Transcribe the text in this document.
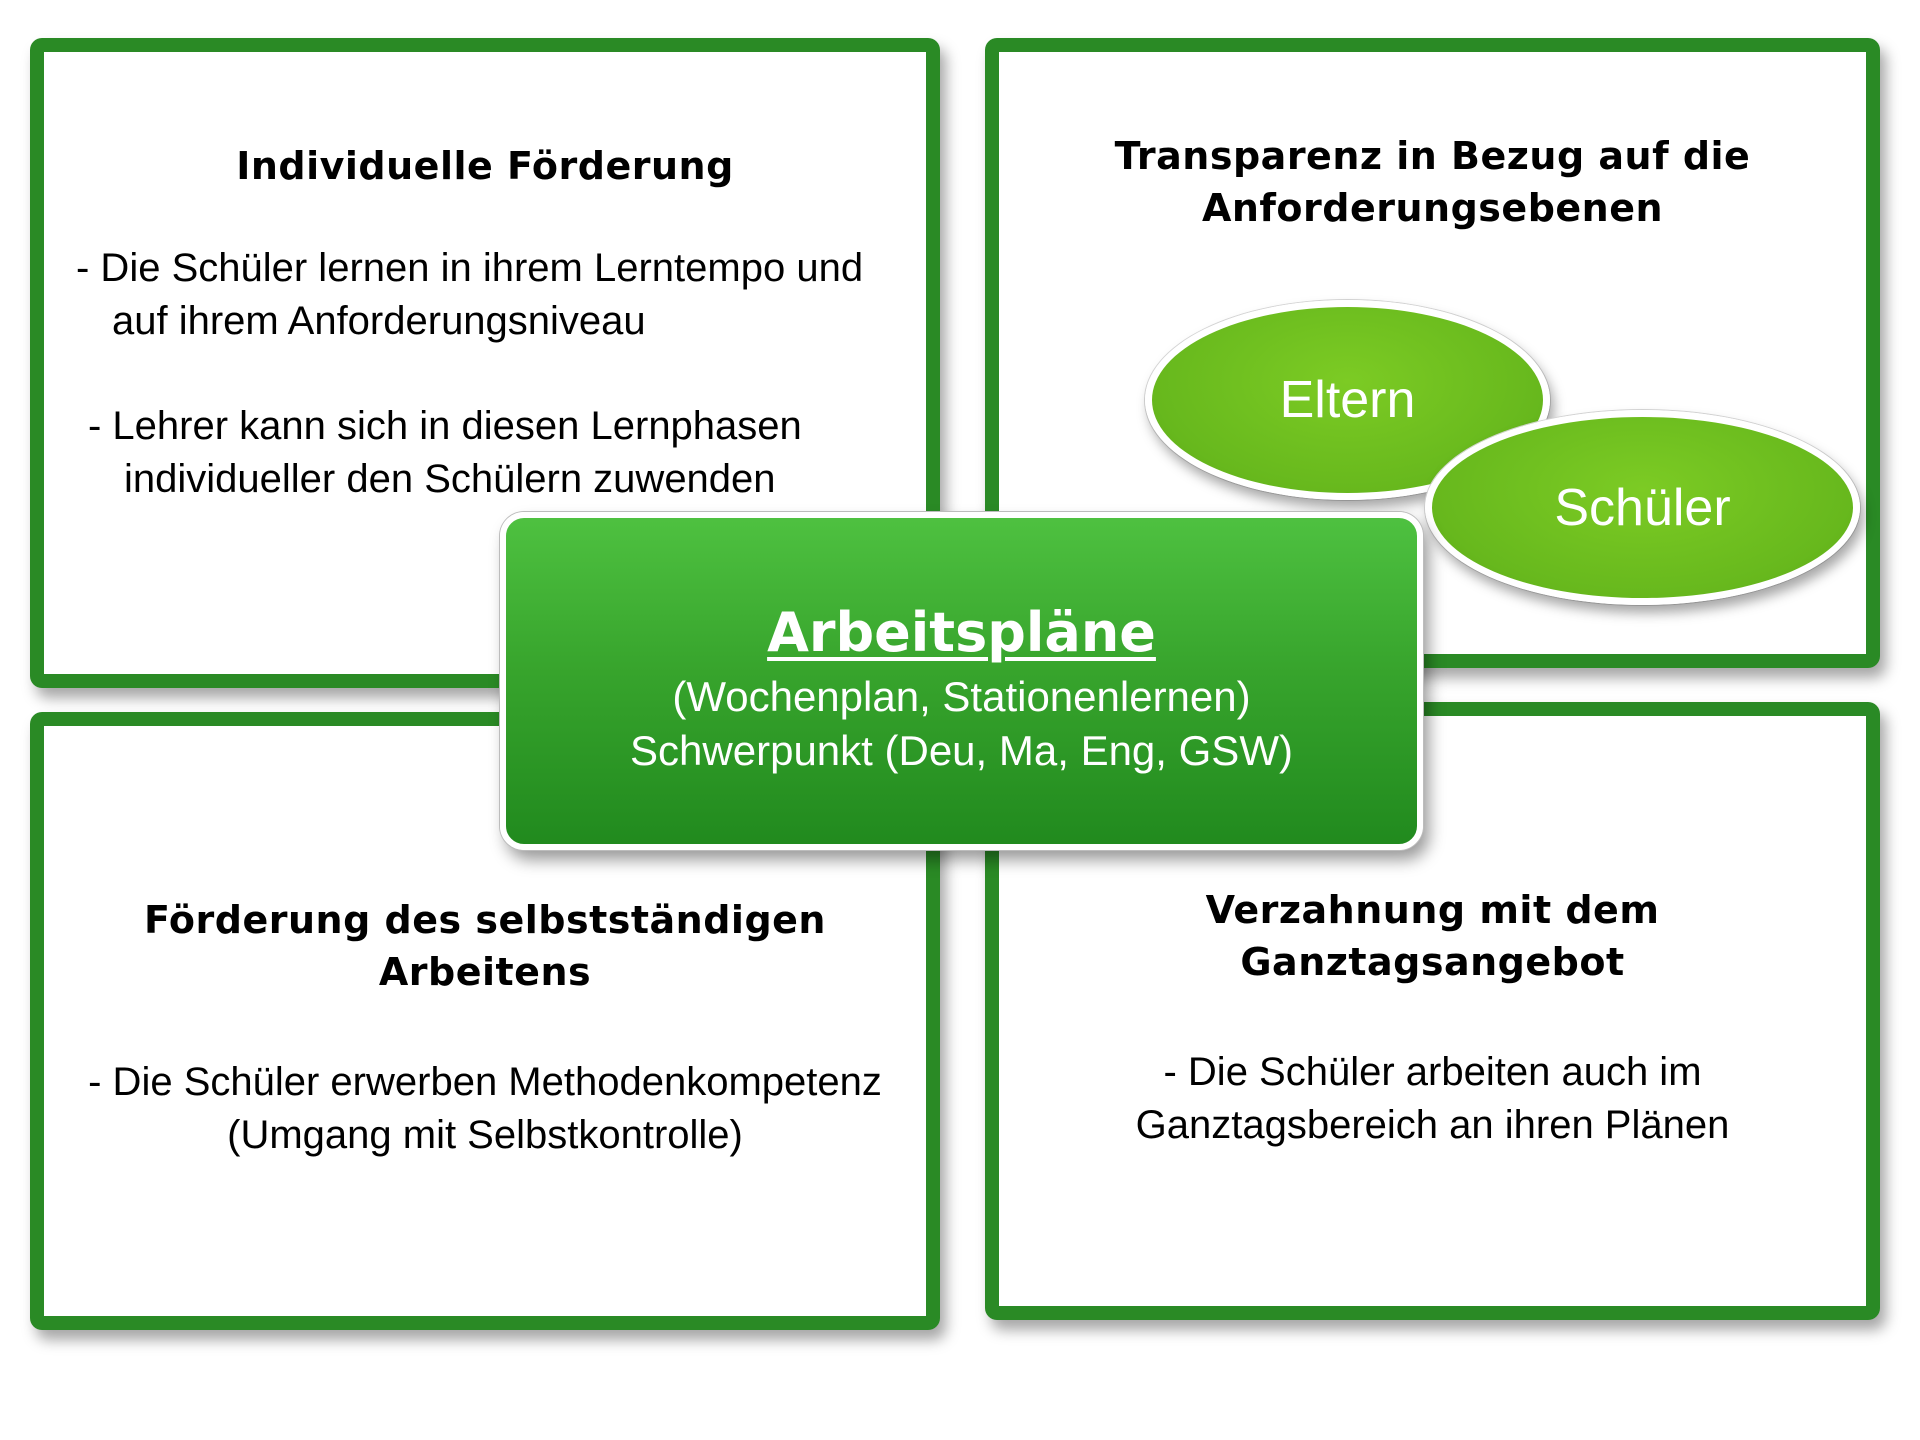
Individuelle Förderung
- Die Schüler lernen in ihrem Lerntempo und
auf ihrem Anforderungsniveau
- Lehrer kann sich in diesen Lernphasen
individueller den Schülern zuwenden
Transparenz in Bezug auf die
Anforderungsebenen
Förderung des selbstständigen
Arbeitens
- Die Schüler erwerben Methodenkompetenz
(Umgang mit Selbstkontrolle)
Verzahnung mit dem
Ganztagsangebot
- Die Schüler arbeiten auch im
Ganztagsbereich an ihren Plänen
Eltern
Schüler
Arbeitspläne
(Wochenplan, Stationenlernen)
Schwerpunkt (Deu, Ma, Eng, GSW)
